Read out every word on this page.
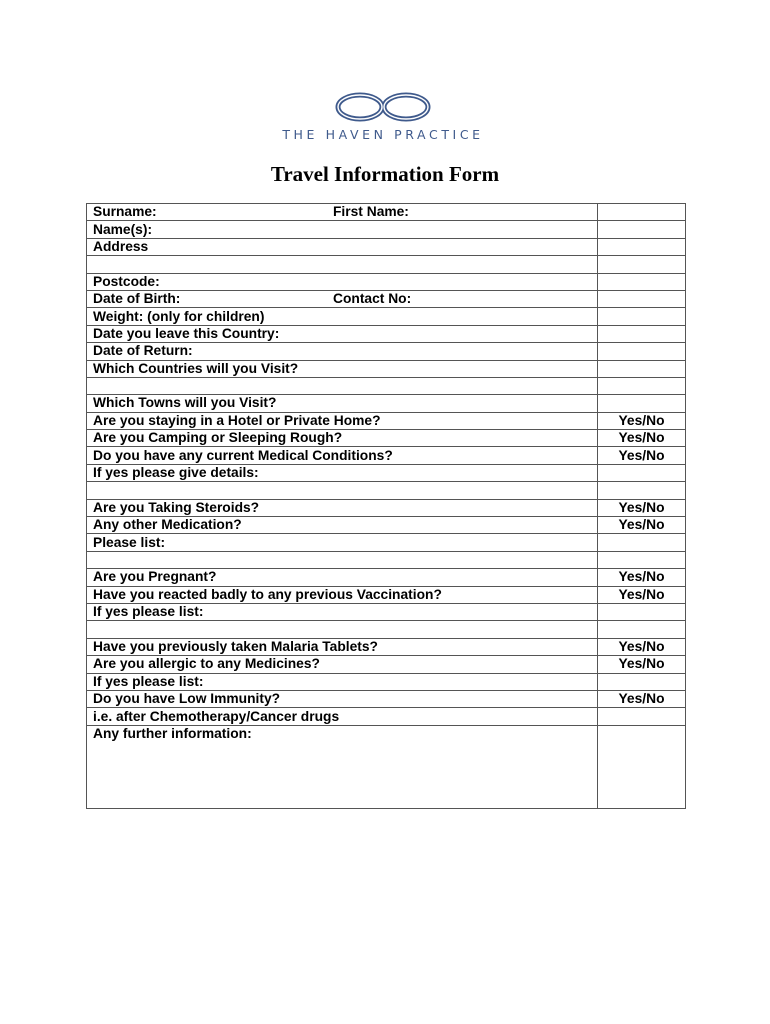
THE HAVEN PRACTICE
Travel Information Form
Surname: First Name:	

Name(s):	
Address	

Postcode:	

Date of Birth: Contact No:	

Weight: (only for children)	
Date you leave this Country:	
Date of Return:	
Which Countries will you Visit?	

Which Towns will you Visit?	
Are you staying in a Hotel or Private Home?	Yes/No
Are you Camping or Sleeping Rough?	Yes/No
Do you have any current Medical Conditions?	Yes/No
If yes please give details:	

Are you Taking Steroids?	Yes/No
Any other Medication?	Yes/No
Please list:	

Are you Pregnant?	Yes/No
Have you reacted badly to any previous Vaccination?	Yes/No
If yes please list:	

Have you previously taken Malaria Tablets?	Yes/No
Are you allergic to any Medicines?	Yes/No
If yes please list:	
Do you have Low Immunity?	Yes/No
i.e. after Chemotherapy/Cancer drugs	
Any further information:	
